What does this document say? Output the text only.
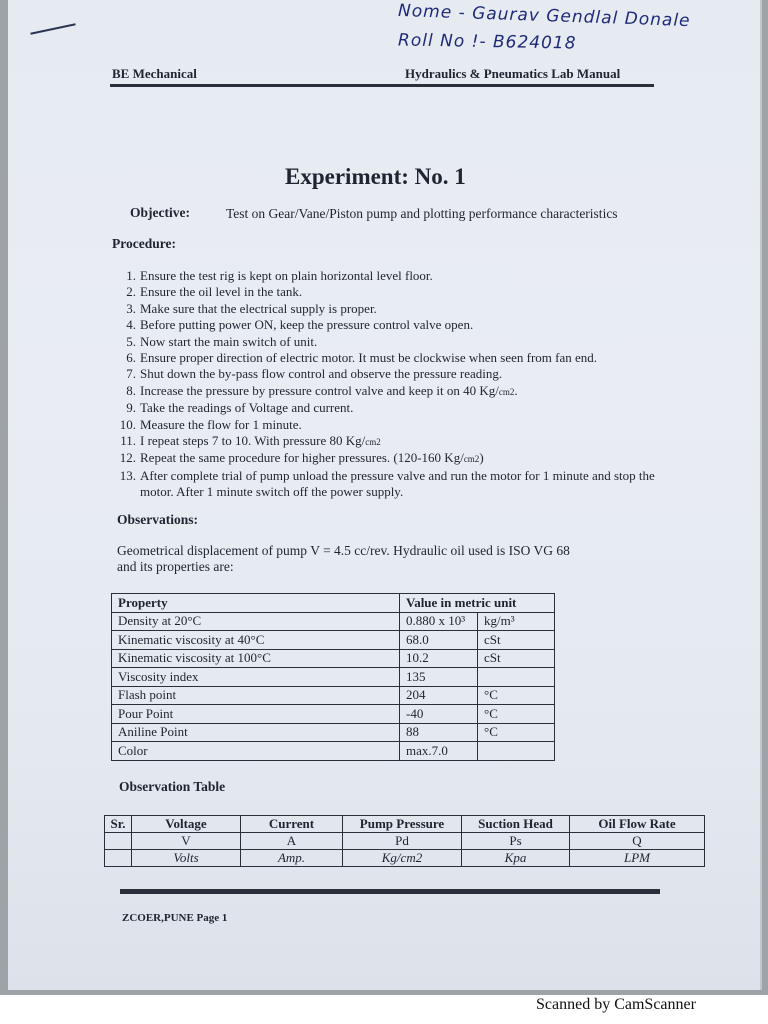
Nome - Gaurav Gendlal Donale
Roll No !- B624018
BE Mechanical	Hydraulics & Pneumatics Lab Manual
Experiment: No. 1
Objective:	Test on Gear/Vane/Piston pump and plotting performance characteristics
Procedure:
1. Ensure the test rig is kept on plain horizontal level floor.
2. Ensure the oil level in the tank.
3. Make sure that the electrical supply is proper.
4. Before putting power ON, keep the pressure control valve open.
5. Now start the main switch of unit.
6. Ensure proper direction of electric motor. It must be clockwise when seen from fan end.
7. Shut down the by-pass flow control and observe the pressure reading.
8. Increase the pressure by pressure control valve and keep it on 40 Kg/cm2.
9. Take the readings of Voltage and current.
10. Measure the flow for 1 minute.
11. I repeat steps 7 to 10. With pressure 80 Kg/cm2
12. Repeat the same procedure for higher pressures. (120-160 Kg/cm2)
13. After complete trial of pump unload the pressure valve and run the motor for 1 minute and stop the motor. After 1 minute switch off the power supply.
Observations:
Geometrical displacement of pump V = 4.5 cc/rev. Hydraulic oil used is ISO VG 68 and its properties are:
Property	Value in metric unit	
Density at 20°C	0.880 x 10³	kg/m³
Kinematic viscosity at 40°C	68.0	cSt
Kinematic viscosity at 100°C	10.2	cSt
Viscosity index	135	
Flash point	204	°C
Pour Point	-40	°C
Aniline Point	88	°C
Color	max.7.0	
Observation Table
Sr.	Voltage	Current	Pump Pressure	Suction Head	Oil Flow Rate
	V	A	Pd	Ps	Q
	Volts	Amp.	Kg/cm2	Kpa	LPM
ZCOER,PUNE Page 1
Scanned by CamScanner
